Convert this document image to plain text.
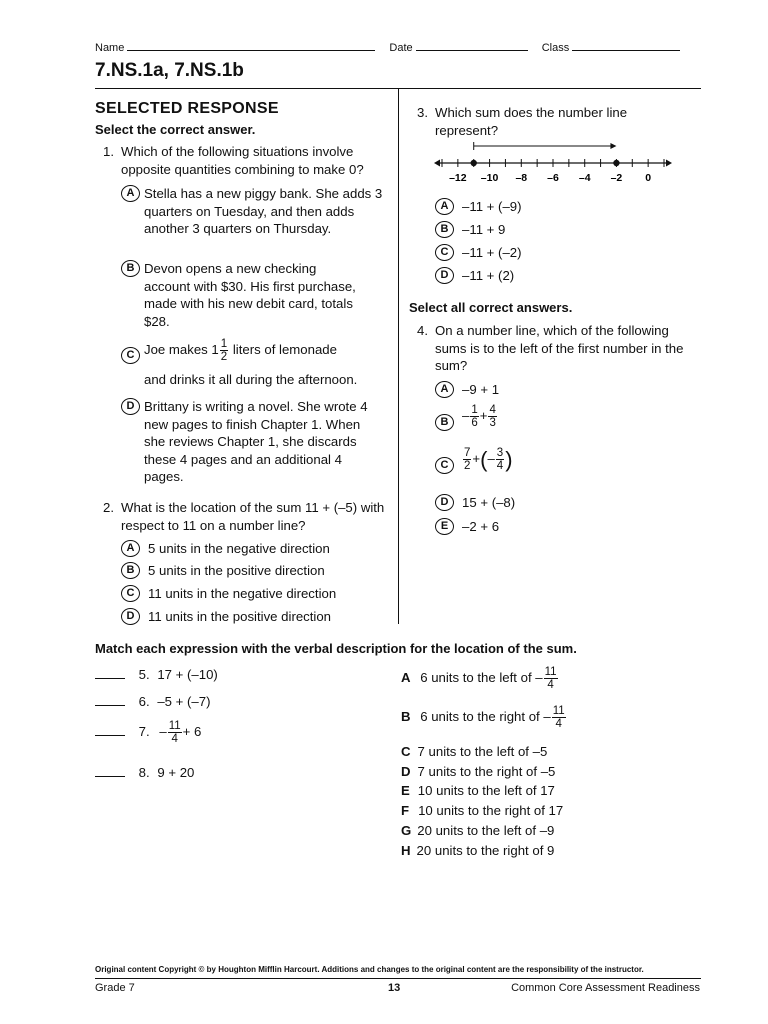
Name	Date	Class
7.NS.1a, 7.NS.1b
SELECTED RESPONSE
Select the correct answer.
1. Which of the following situations involve opposite quantities combining to make 0?
A Stella has a new piggy bank. She adds 3 quarters on Tuesday, and then adds another 3 quarters on Thursday.
B Devon opens a new checking account with $30. His first purchase, made with his new debit card, totals $28.
C Joe makes $1 \frac{1}{2}$ liters of lemonade
and drinks it all during the afternoon.
D Brittany is writing a novel. She wrote 4 new pages to finish Chapter 1. When she reviews Chapter 1, she discards these 4 pages and an additional 4 pages.
2. What is the location of the sum 11 + (–5) with respect to 11 on a number line?
A	5 units in the negative direction
B	5 units in the positive direction
C	11 units in the negative direction
D	11 units in the positive direction
3. Which sum does the number line represent?
–12 –10 –8 –6 –4 –2 0
A	–11 + (–9)
B	–11 + 9
C	–11 + (–2)
D	–11 + (2)
Select all correct answers.
4. On a number line, which of the following sums is to the left of the first number in the sum?
A	–9 + 1
B	– $\frac{1}{6} + \frac{4}{3}$
C	$\frac{7}{2}$ +(– $\frac{3}{4}$ )
D	15 + (–8)
E	–2 + 6
Match each expression with the verbal description for the location of the sum.
5. 17 + (–10)
6. –5 + (–7)
7. – $\frac{11}{4} + 6$
8. 9 + 20
A 6 units to the left of – $\frac{11}{4}$
B 6 units to the right of – $\frac{11}{4}$
C 7 units to the left of –5
D 7 units to the right of –5
E 10 units to the left of 17
F 10 units to the right of 17
G 20 units to the left of –9
H 20 units to the right of 9
Original content Copyright © by Houghton Mifflin Harcourt. Additions and changes to the original content are the responsibility of the instructor.
Grade 7	13	Common Core Assessment Readiness
